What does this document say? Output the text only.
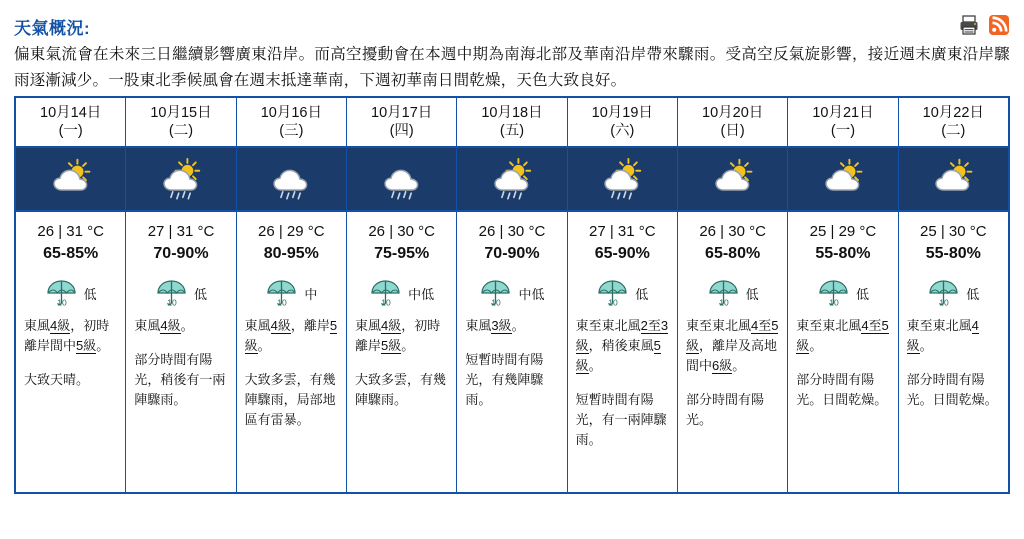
天氣概況:
偏東氣流會在未來三日繼續影響廣東沿岸。而高空擾動會在本週中期為南海北部及華南沿岸帶來驟雨。受高空反氣旋影響，接近週末廣東沿岸驟雨逐漸減少。一股東北季候風會在週末抵達華南，下週初華南日間乾燥，天色大致良好。
10月14日
(一)
26 | 31 °C
65-85%
10
低

東風4級，初時離岸間中5級。

大致天晴。

10月15日
(二)
27 | 31 °C
70-90%
10
低

東風4級。

部分時間有陽光，稍後有一兩陣驟雨。

10月16日
(三)
26 | 29 °C
80-95%
10
中

東風4級，離岸5級。

大致多雲，有幾陣驟雨，局部地區有雷暴。

10月17日
(四)
26 | 30 °C
75-95%
10
中低

東風4級，初時離岸5級。

大致多雲，有幾陣驟雨。

10月18日
(五)
26 | 30 °C
70-90%
10
中低

東風3級。

短暫時間有陽光，有幾陣驟雨。

10月19日
(六)
27 | 31 °C
65-90%
10
低

東至東北風2至3級，稍後東風5級。

短暫時間有陽光，有一兩陣驟雨。

10月20日
(日)
26 | 30 °C
65-80%
10
低

東至東北風4至5級，離岸及高地間中6級。

部分時間有陽光。

10月21日
(一)
25 | 29 °C
55-80%
10
低

東至東北風4至5級。

部分時間有陽光。日間乾燥。

10月22日
(二)
25 | 30 °C
55-80%
10
低

東至東北風4級。

部分時間有陽光。日間乾燥。
